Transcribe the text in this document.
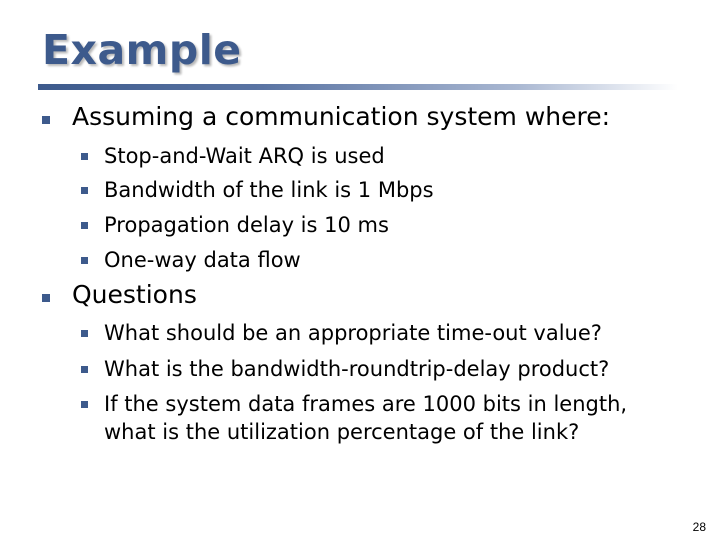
Example
Assuming a communication system where:
Stop-and-Wait ARQ is used
Bandwidth of the link is 1 Mbps
Propagation delay is 10 ms
One-way data flow
Questions
What should be an appropriate time-out value?
What is the bandwidth-roundtrip-delay product?
If the system data frames are 1000 bits in length,
what is the utilization percentage of the link?
28
